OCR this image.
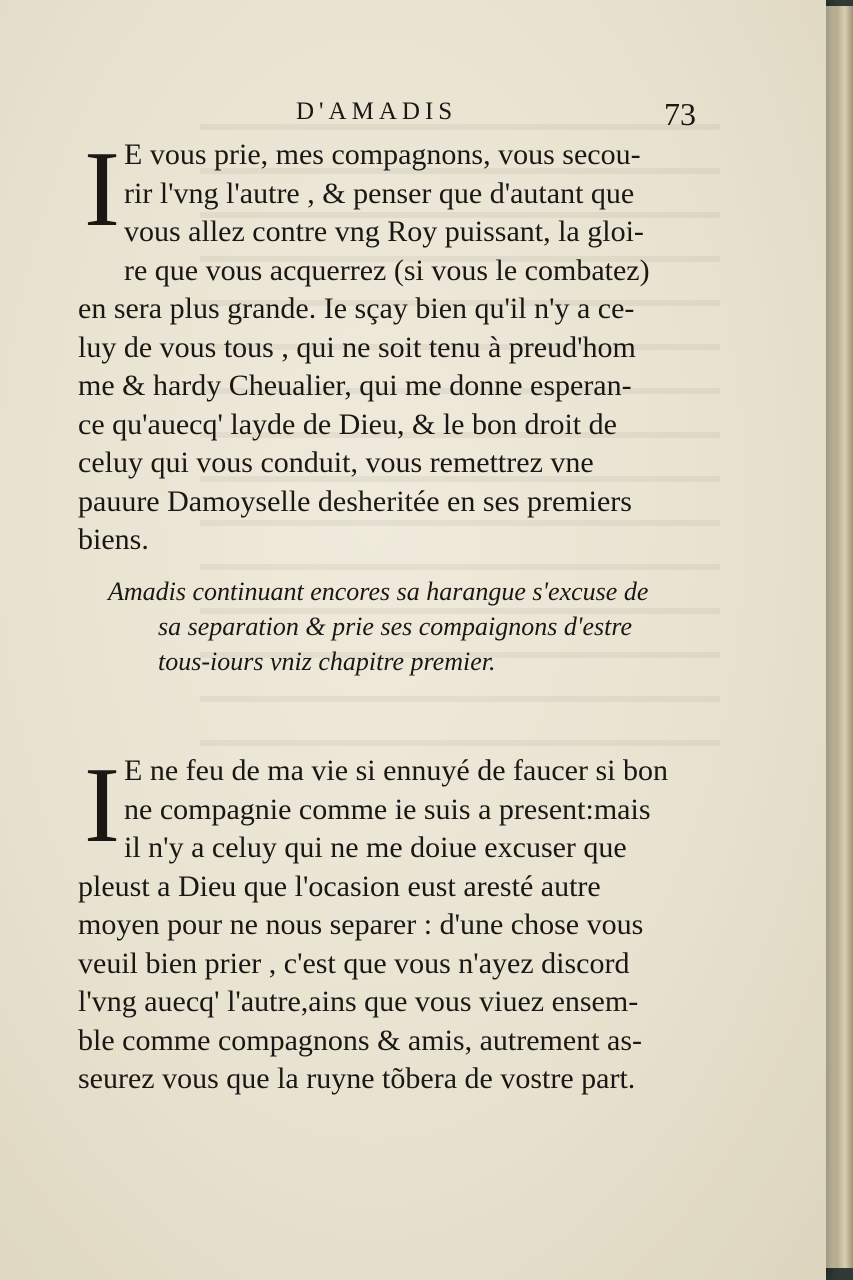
D'AMADIS	73
I E vous prie, mes compagnons, vous secou-
rir l'vng l'autre , & penser que d'autant que
vous allez contre vng Roy puissant, la gloi-
re que vous acquerrez (si vous le combatez)
en sera plus grande. Ie sçay bien qu'il n'y a ce-
luy de vous tous , qui ne soit tenu à preud'hom
me & hardy Cheualier, qui me donne esperan-
ce qu'auecq' layde de Dieu, & le bon droit de
celuy qui vous conduit, vous remettrez vne
pauure Damoyselle desheritée en ses premiers
biens.
Amadis continuant encores sa harangue s'excuse de
sa separation & prie ses compaignons d'estre
tous-iours vniz chapitre premier.
I E ne feu de ma vie si ennuyé de faucer si bon
ne compagnie comme ie suis a present:mais
il n'y a celuy qui ne me doiue excuser que
pleust a Dieu que l'ocasion eust aresté autre
moyen pour ne nous separer : d'une chose vous
veuil bien prier , c'est que vous n'ayez discord
l'vng auecq' l'autre,ains que vous viuez ensem-
ble comme compagnons & amis, autrement as-
seurez vous que la ruyne tõbera de vostre part.
